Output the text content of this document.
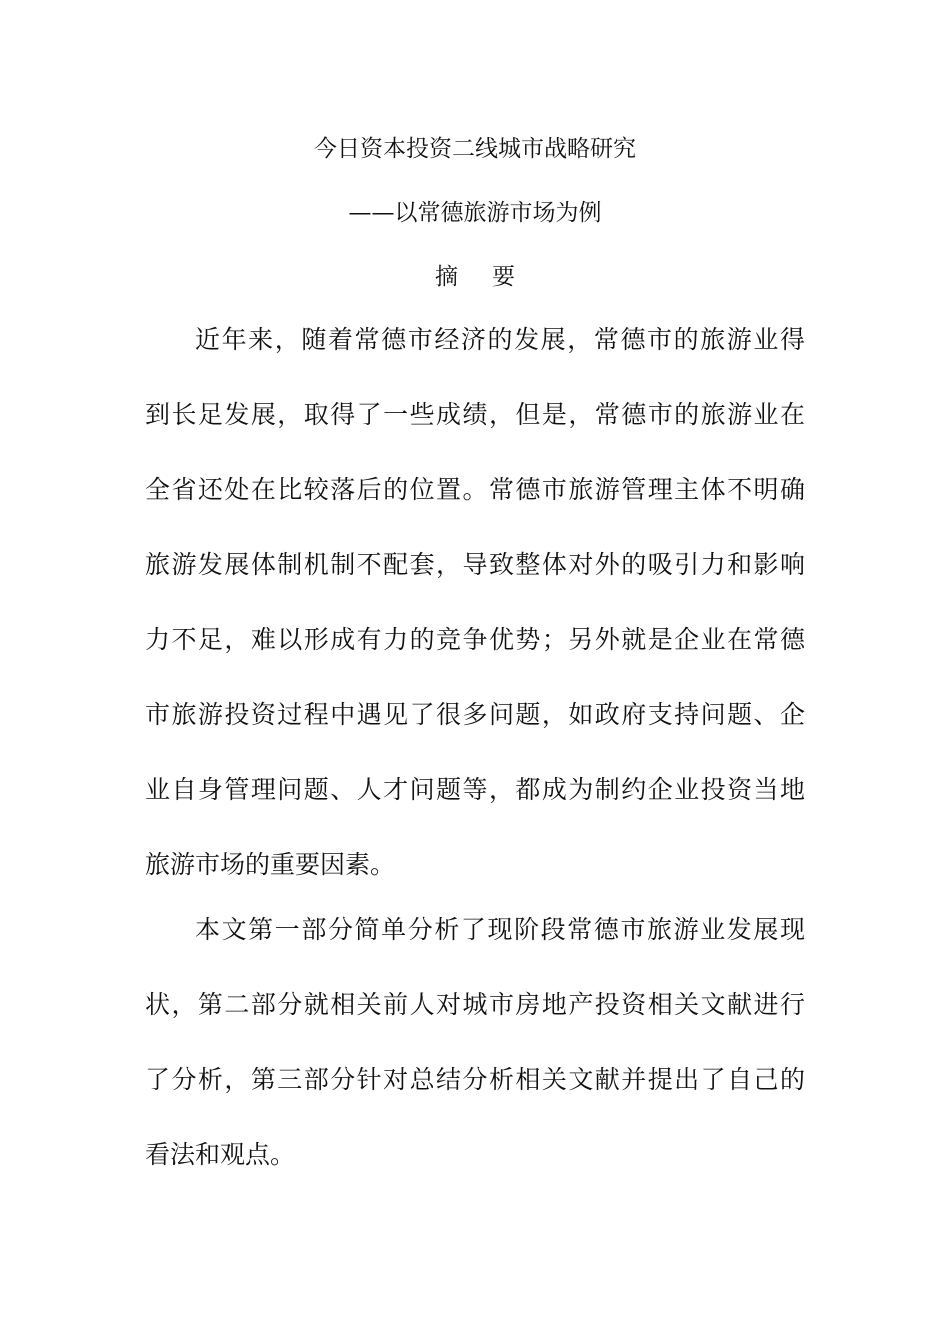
今日资本投资二线城市战略研究
——以常德旅游市场为例
摘要

近年来，随着常德市经济的发展，常德市的旅游业得

到长足发展，取得了一些成绩，但是，常德市的旅游业在

全省还处在比较落后的位置。常德市旅游管理主体不明确

旅游发展体制机制不配套，导致整体对外的吸引力和影响

力不足，难以形成有力的竞争优势；另外就是企业在常德

市旅游投资过程中遇见了很多问题，如政府支持问题、企

业自身管理问题、人才问题等，都成为制约企业投资当地

旅游市场的重要因素。

本文第一部分简单分析了现阶段常德市旅游业发展现

状，第二部分就相关前人对城市房地产投资相关文献进行

了分析，第三部分针对总结分析相关文献并提出了自己的

看法和观点。
